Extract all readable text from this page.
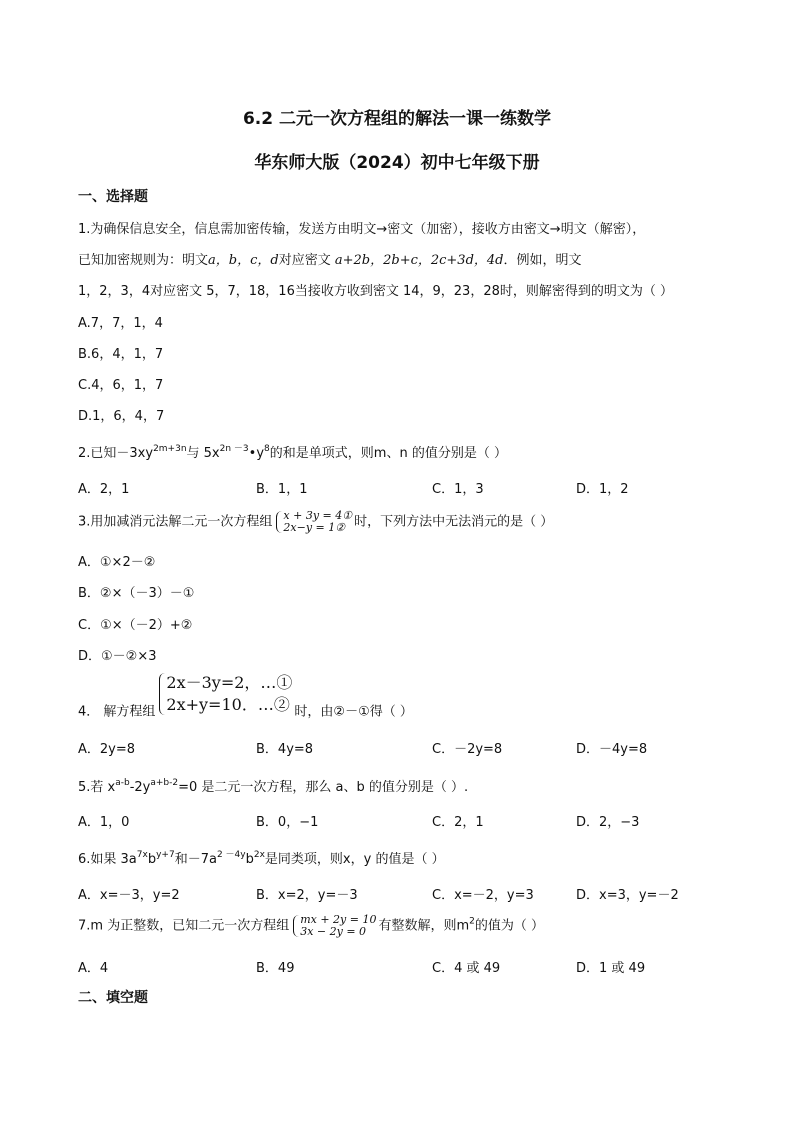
6.2 二元一次方程组的解法一课一练数学
华东师大版（2024）初中七年级下册
一、选择题
1.为确保信息安全，信息需加密传输，发送方由明文→密文（加密），接收方由密文→明文（解密），
已知加密规则为：明文a，b，c，d对应密文 a+2b，2b+c，2c+3d，4d．例如，明文
1，2，3，4对应密文 5，7，18，16当接收方收到密文 14，9，23，28时，则解密得到的明文为（ ）
A.7，7，1，4
B.6，4，1，7
C.4，6，1，7
D.1，6，4，7
2.已知$-3xy^{2m+3n}$与 $5x^{2n -3}•y^8$的和是单项式，则m、n 的值分别是（ ）
A．2，1	B．1，1	C．1，3	D．1，2
3.用加减消元法解二元一次方程组 x + 3y = 4①
2x−y = 1② 时，下列方法中无法消元的是（ ）
A．①×2－②
B．②×（－3）－①
C．①×（－2）+②
D．①－②×3
4． 解方程组
2x－3y=2，…①
2x+y=10．…② 时，由②－①得（ ）
A．2y=8	B．4y=8	C．－2y=8	D．－4y=8
5.若 $x^{a-b}-2y^{a+b-2}=0$ 是二元一次方程，那么 a、b 的值分别是（ ）.
A．1，0	B．0，−1	C．2，1	D．2，−3
6.如果 $3a^{7x}b^{y+7}$和$-7a^{2 -4y}b^{2x}$是同类项，则x，y 的值是（ ）
A．x=－3，y=2	B．x=2，y=－3	C．x=－2，y=3	D．x=3，y=－2
7.m 为正整数，已知二元一次方程组 mx + 2y = 10
3x − 2y = 0 有整数解，则$m^2$的值为（ ）
A．4	B．49	C．4 或 49	D．1 或 49
二、填空题
